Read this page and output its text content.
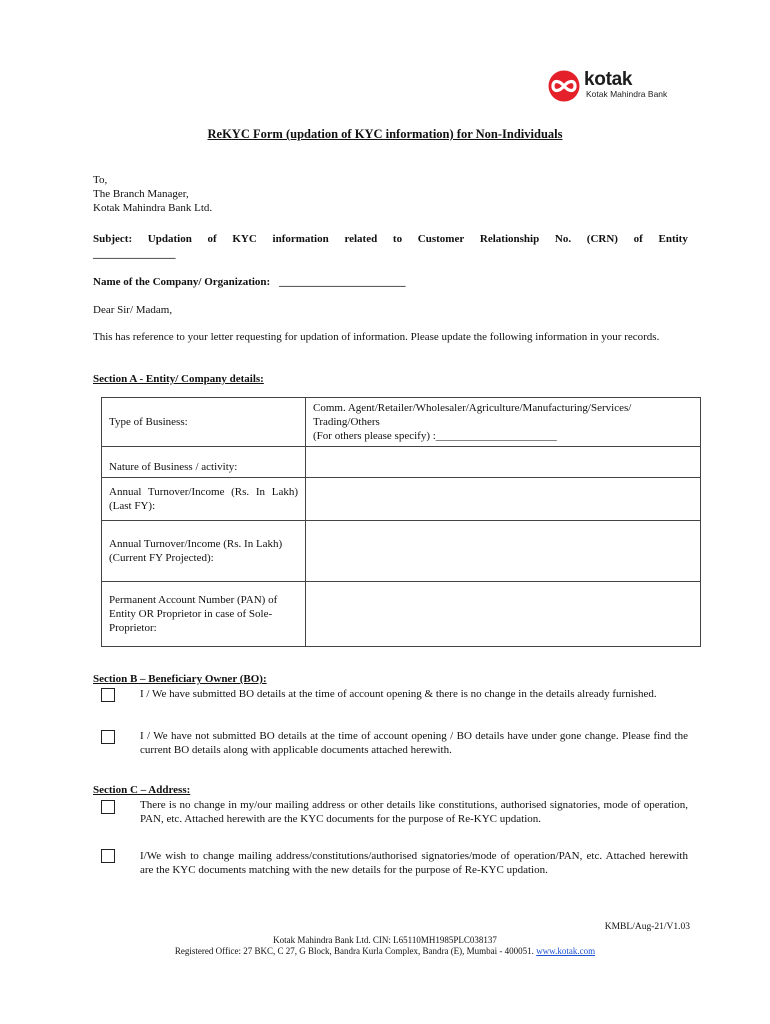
kotak
Kotak Mahindra Bank
ReKYC Form (updation of KYC information) for Non-Individuals
To,
The Branch Manager,
Kotak Mahindra Bank Ltd.
Subject: Updation of KYC information related to Customer Relationship No. (CRN) of Entity
_______________
Name of the Company/ Organization: _______________________
Dear Sir/ Madam,
This has reference to your letter requesting for updation of information. Please update the following information in your records.
Section A - Entity/ Company details:
Type of Business:	Comm. Agent/Retailer/Wholesaler/Agriculture/Manufacturing/Services/
Trading/Others
(For others please specify) :______________________

Nature of Business / activity:	
Annual Turnover/Income (Rs. In Lakh) (Last FY):	

Annual Turnover/Income (Rs. In Lakh)
(Current FY Projected):	

Permanent Account Number (PAN) of Entity OR Proprietor in case of Sole-Proprietor:	
Section B – Beneficiary Owner (BO):
I / We have submitted BO details at the time of account opening & there is no change in the details already furnished.
I / We have not submitted BO details at the time of account opening / BO details have under gone change. Please find the current BO details along with applicable documents attached herewith.
Section C – Address:
There is no change in my/our mailing address or other details like constitutions, authorised signatories, mode of operation, PAN, etc. Attached herewith are the KYC documents for the purpose of Re-KYC updation.
I/We wish to change mailing address/constitutions/authorised signatories/mode of operation/PAN, etc. Attached herewith are the KYC documents matching with the new details for the purpose of Re-KYC updation.
KMBL/Aug-21/V1.03
Kotak Mahindra Bank Ltd. CIN: L65110MH1985PLC038137
Registered Office: 27 BKC, C 27, G Block, Bandra Kurla Complex, Bandra (E), Mumbai - 400051. www.kotak.com
